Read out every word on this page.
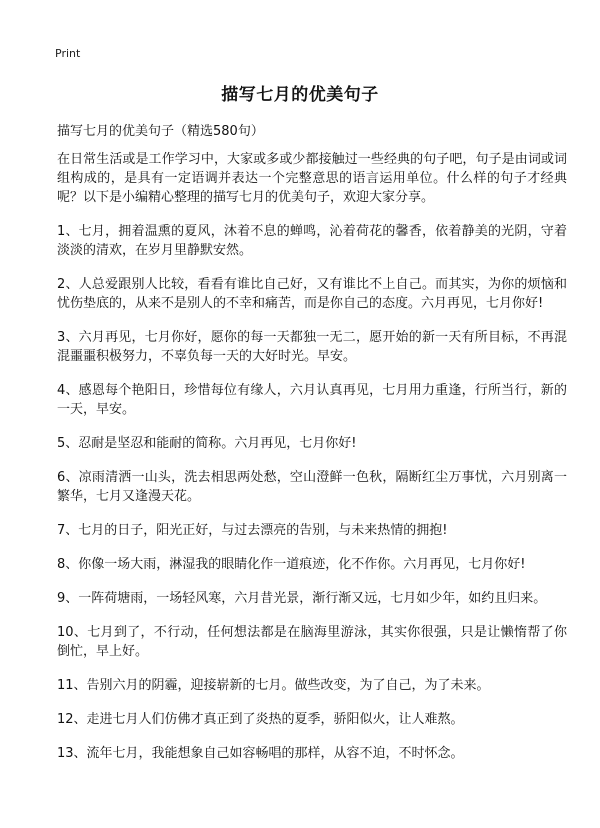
Print
描写七月的优美句子
描写七月的优美句子（精选580句）

在日常生活或是工作学习中，大家或多或少都接触过一些经典的句子吧，句子是由词或词组构成的，是具有一定语调并表达一个完整意思的语言运用单位。什么样的句子才经典呢？以下是小编精心整理的描写七月的优美句子，欢迎大家分享。

1、七月，拥着温熏的夏风，沐着不息的蝉鸣，沁着荷花的馨香，依着静美的光阴，守着淡淡的清欢，在岁月里静默安然。

2、人总爱跟别人比较，看看有谁比自己好，又有谁比不上自己。而其实，为你的烦恼和忧伤垫底的，从来不是别人的不幸和痛苦，而是你自己的态度。六月再见，七月你好!

3、六月再见，七月你好，愿你的每一天都独一无二，愿开始的新一天有所目标，不再混混噩噩积极努力，不辜负每一天的大好时光。早安。

4、感恩每个艳阳日，珍惜每位有缘人，六月认真再见，七月用力重逢，行所当行，新的一天，早安。

5、忍耐是坚忍和能耐的简称。六月再见，七月你好!

6、凉雨清洒一山头，洗去相思两处愁，空山澄鲜一色秋，隔断红尘万事忧，六月别离一繁华，七月又逢漫天花。

7、七月的日子，阳光正好，与过去漂亮的告别，与未来热情的拥抱!

8、你像一场大雨，淋湿我的眼睛化作一道痕迹，化不作你。六月再见，七月你好!

9、一阵荷塘雨，一场轻风寒，六月昔光景，渐行渐又远，七月如少年，如约且归来。

10、七月到了，不行动，任何想法都是在脑海里游泳，其实你很强，只是让懒惰帮了你倒忙，早上好。

11、告别六月的阴霾，迎接崭新的七月。做些改变，为了自己，为了未来。

12、走进七月人们仿佛才真正到了炎热的夏季，骄阳似火，让人难熬。

13、流年七月，我能想象自己如容畅唱的那样，从容不迫，不时怀念。
